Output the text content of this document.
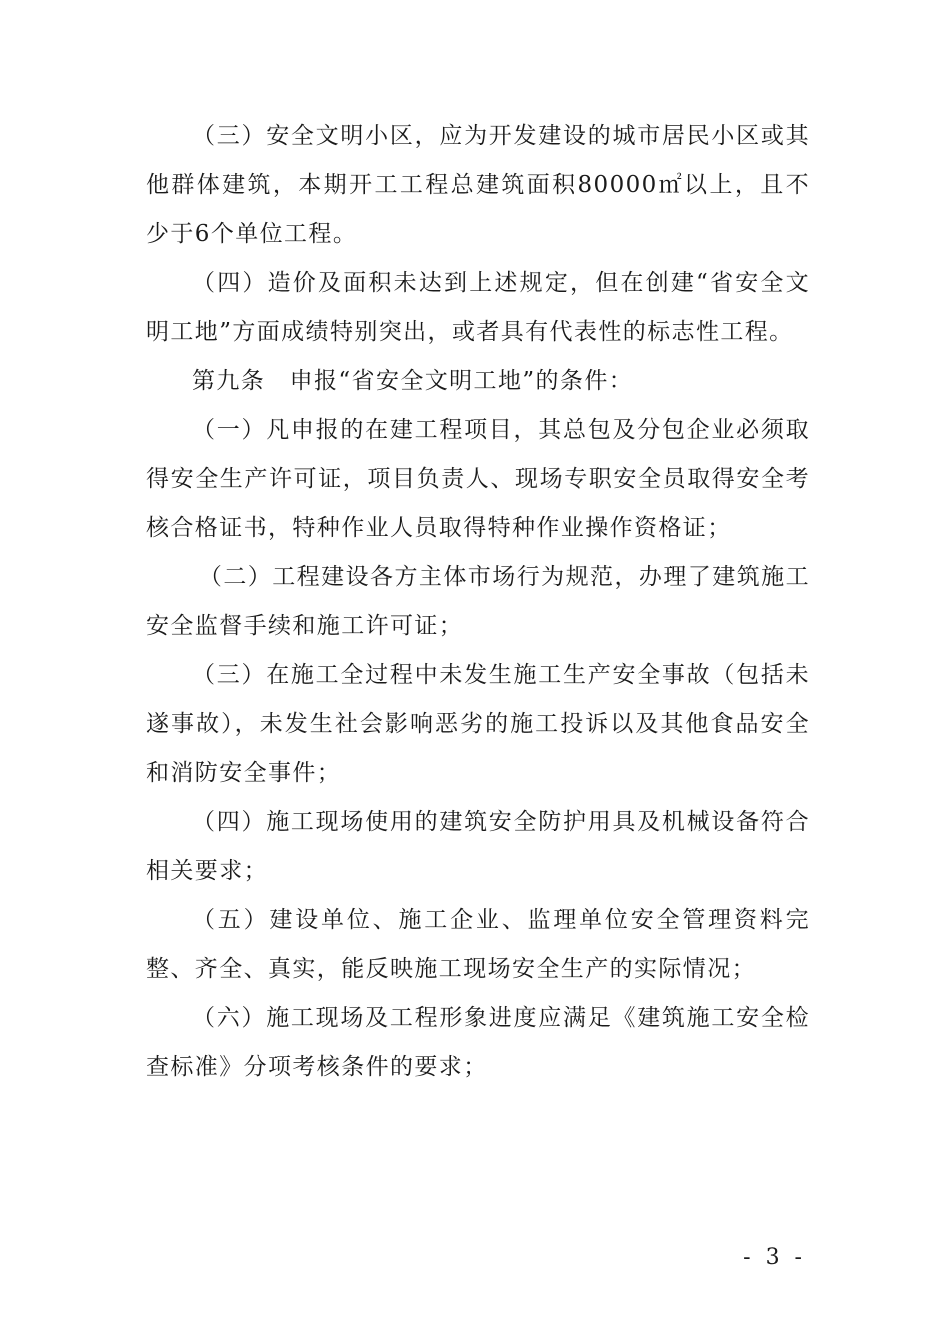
（三）安全文明小区，应为开发建设的城市居民小区或其他群体建筑，本期开工工程总建筑面积80000㎡以上，且不少于6个单位工程。

（四）造价及面积未达到上述规定，但在创建“省安全文明工地”方面成绩特别突出，或者具有代表性的标志性工程。

第九条　申报“省安全文明工地”的条件：

（一）凡申报的在建工程项目，其总包及分包企业必须取得安全生产许可证，项目负责人、现场专职安全员取得安全考核合格证书，特种作业人员取得特种作业操作资格证；

（二）工程建设各方主体市场行为规范，办理了建筑施工安全监督手续和施工许可证；

（三）在施工全过程中未发生施工生产安全事故（包括未遂事故），未发生社会影响恶劣的施工投诉以及其他食品安全和消防安全事件；

（四）施工现场使用的建筑安全防护用具及机械设备符合相关要求；

（五）建设单位、施工企业、监理单位安全管理资料完整、齐全、真实，能反映施工现场安全生产的实际情况；

（六）施工现场及工程形象进度应满足《建筑施工安全检查标准》分项考核条件的要求；

- 3 -
